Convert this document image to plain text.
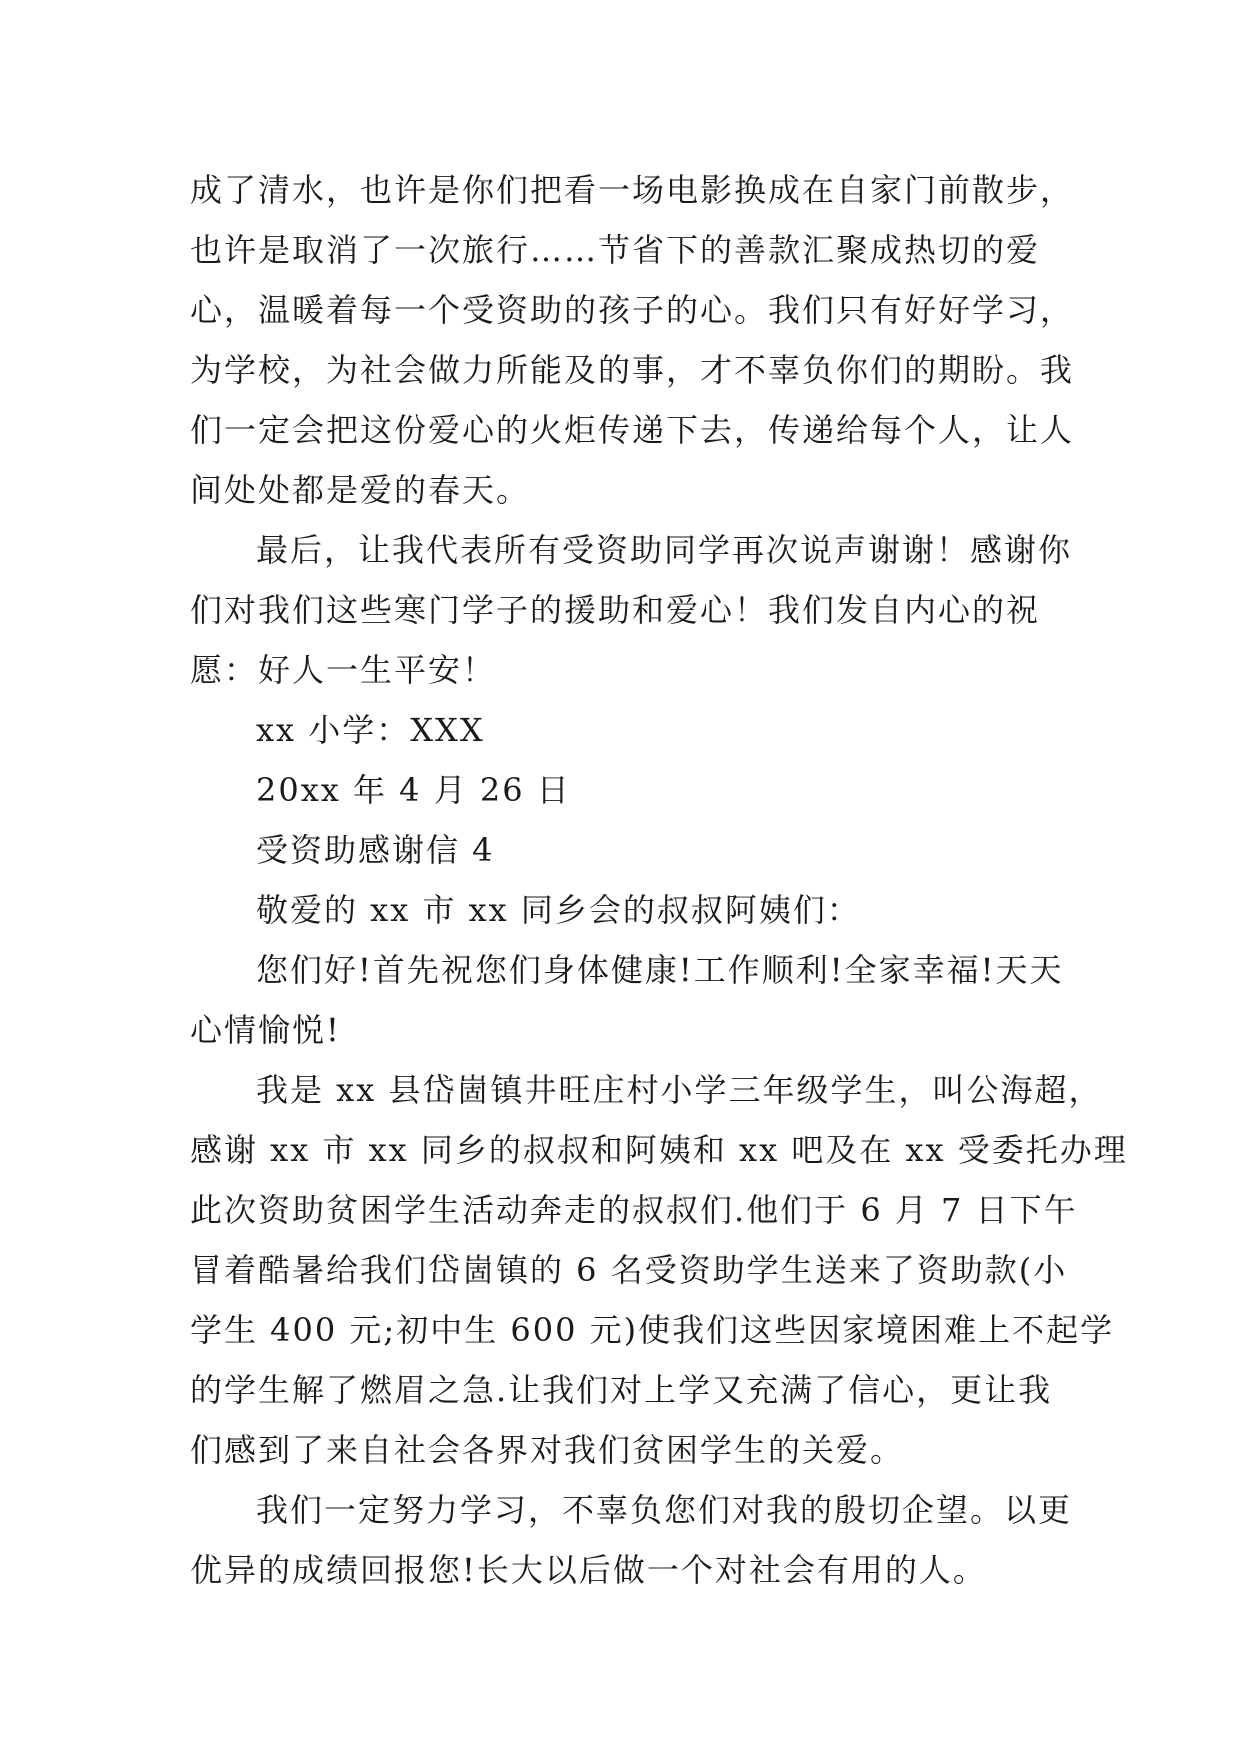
成了清水，也许是你们把看一场电影换成在自家门前散步，
也许是取消了一次旅行……节省下的善款汇聚成热切的爱
心，温暖着每一个受资助的孩子的心。我们只有好好学习，
为学校，为社会做力所能及的事，才不辜负你们的期盼。我
们一定会把这份爱心的火炬传递下去，传递给每个人，让人
间处处都是爱的春天。
最后，让我代表所有受资助同学再次说声谢谢！感谢你
们对我们这些寒门学子的援助和爱心！我们发自内心的祝
愿：好人一生平安！
xx 小学：XXX
20xx 年 4 月 26 日
受资助感谢信 4
敬爱的 xx 市 xx 同乡会的叔叔阿姨们：
您们好!首先祝您们身体健康!工作顺利!全家幸福!天天
心情愉悦!
我是 xx 县岱崮镇井旺庄村小学三年级学生，叫公海超，
感谢 xx 市 xx 同乡的叔叔和阿姨和 xx 吧及在 xx 受委托办理
此次资助贫困学生活动奔走的叔叔们.他们于 6 月 7 日下午
冒着酷暑给我们岱崮镇的 6 名受资助学生送来了资助款(小
学生 400 元;初中生 600 元)使我们这些因家境困难上不起学
的学生解了燃眉之急.让我们对上学又充满了信心，更让我
们感到了来自社会各界对我们贫困学生的关爱。
我们一定努力学习，不辜负您们对我的殷切企望。以更
优异的成绩回报您!长大以后做一个对社会有用的人。
